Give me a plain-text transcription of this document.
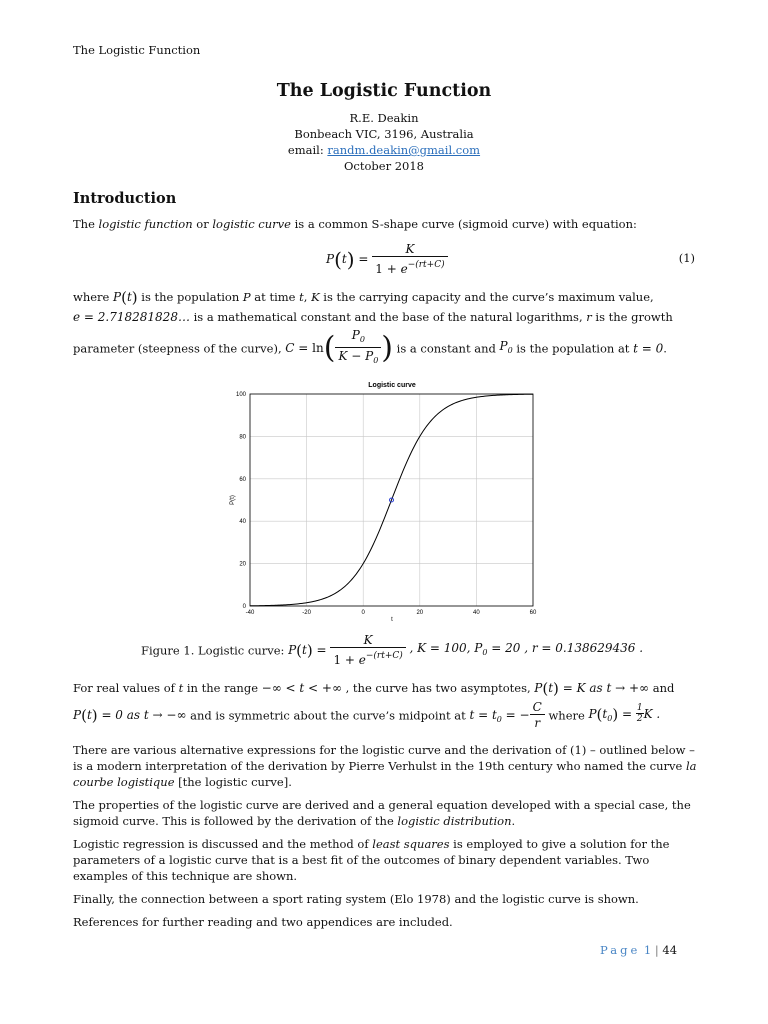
The Logistic Function
The Logistic Function
R.E. Deakin
Bonbeach VIC, 3196, Australia
email: randm.deakin@gmail.com
October 2018
Introduction
The logistic function or logistic curve is a common S-shape curve (sigmoid curve) with equation:
$P(t) = \frac{K}{1 + e^{-(rt+C)}}$	(1)
where P(t) is the population P at time t, K is the carrying capacity and the curve’s maximum value,
e = 2.718281828… is a mathematical constant and the base of the natural logarithms, r is the growth
parameter (steepness of the curve), $C = \ln( \frac{P_0}{K - P_0}$ ) is a constant and $P_0$ is the population at t = 0.
Logistic curve
-40	-20	0	20	40	60
0
20
40
60
80
100
t
P(t)
Figure 1. Logistic curve: $P(t) = \frac{K}{1 + e^{-(rt+C)}}$ , K = 100, $P_0 = 20$ , r = 0.138629436 .
For real values of t in the range −∞ < t < +∞ , the curve has two asymptotes, P(t) = K as t → +∞ and
P(t) = 0 as t → −∞ and is symmetric about the curve’s midpoint at $t = t_0$ = − $\frac{C}{r}$ where $P(t_0) = \frac{1}{2}$ K .
There are various alternative expressions for the logistic curve and the derivation of (1) – outlined below – is a modern interpretation of the derivation by Pierre Verhulst in the 19th century who named the curve la courbe logistique [the logistic curve].
The properties of the logistic curve are derived and a general equation developed with a special case, the sigmoid curve. This is followed by the derivation of the logistic distribution.
Logistic regression is discussed and the method of least squares is employed to give a solution for the parameters of a logistic curve that is a best fit of the outcomes of binary dependent variables. Two examples of this technique are shown.
Finally, the connection between a sport rating system (Elo 1978) and the logistic curve is shown.
References for further reading and two appendices are included.
Page 1 | 44
